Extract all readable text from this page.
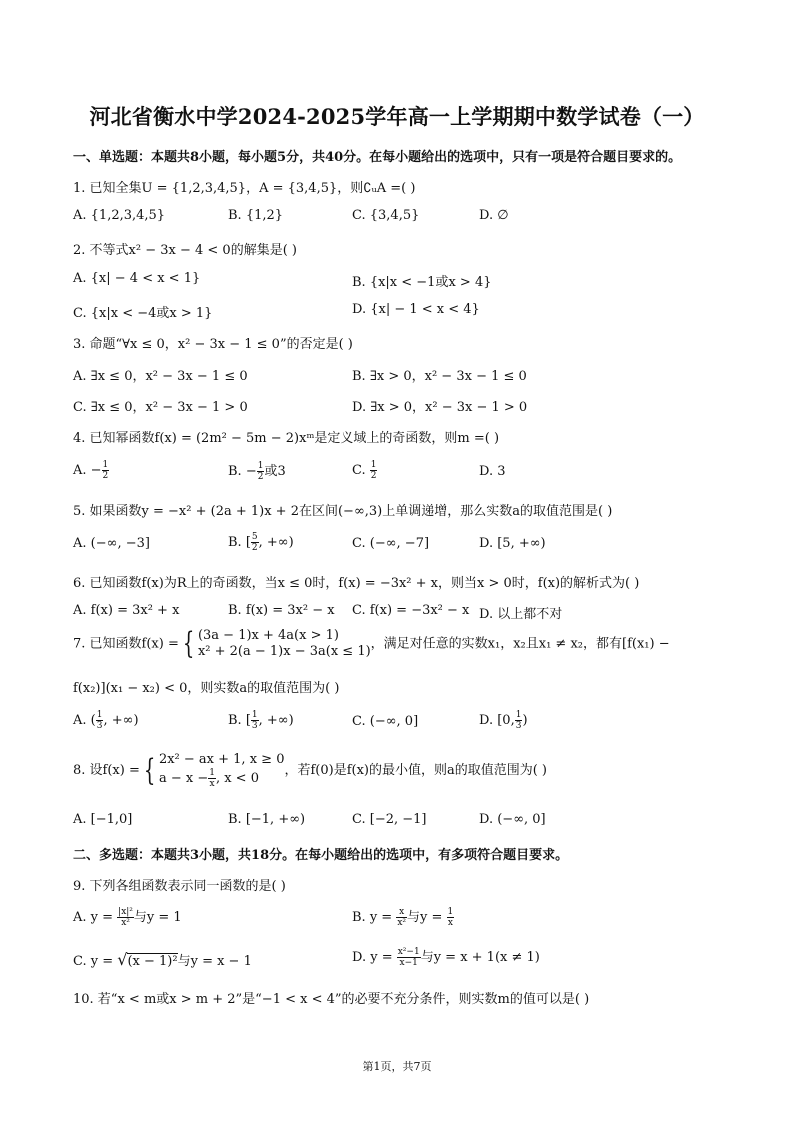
河北省衡水中学2024-2025学年高一上学期期中数学试卷（一）
一、单选题：本题共8小题，每小题5分，共40分。在每小题给出的选项中，只有一项是符合题目要求的。
1. 已知全集U = {1,2,3,4,5}，A = {3,4,5}，则∁ᵤA =( )
A. {1,2,3,4,5}	B. {1,2}	C. {3,4,5}	D. ∅
2. 不等式x² − 3x − 4 < 0的解集是( )
A. {x| − 4 < x < 1}	B. {x|x < −1或x > 4}
C. {x|x < −4或x > 1}	D. {x| − 1 < x < 4}
3. 命题“∀x ≤ 0，x² − 3x − 1 ≤ 0”的否定是( )
A. ∃x ≤ 0，x² − 3x − 1 ≤ 0	B. ∃x > 0，x² − 3x − 1 ≤ 0
C. ∃x ≤ 0，x² − 3x − 1 > 0	D. ∃x > 0，x² − 3x − 1 > 0
4. 已知幂函数f(x) = (2m² − 5m − 2)xᵐ是定义域上的奇函数，则m =( )
A. − $\frac{1}{2}$	B. − $\frac{1}{2}$ 或3	C. $\frac{1}{2}$	D. 3
5. 如果函数y = −x² + (2a + 1)x + 2在区间(−∞,3)上单调递增，那么实数a的取值范围是( )
A. (−∞, −3]	B. [ $\frac{5}{2}$ , +∞)	C. (−∞, −7]	D. [5, +∞)
6. 已知函数f(x)为R上的奇函数，当x ≤ 0时，f(x) = −3x² + x，则当x > 0时，f(x)的解析式为( )
A. f(x) = 3x² + x	B. f(x) = 3x² − x C. f(x) = −3x² − x D. 以上都不对
7. 已知函数f(x) = { (3a − 1)x + 4a(x > 1)
x² + 2(a − 1)x − 3a(x ≤ 1) ，满足对任意的实数x₁，x₂且x₁ ≠ x₂，都有[f(x₁) −
f(x₂)](x₁ − x₂) < 0，则实数a的取值范围为( )
A. ( $\frac{1}{3}$ , +∞)	B. [ $\frac{1}{3}$ , +∞)	C. (−∞, 0]	D. [0, $\frac{1}{3}$ )
8. 设f(x) = { 2x² − ax + 1, x ≥ 0
$a - x - \frac{1}{x}$ , x < 0
，若f(0)是f(x)的最小值，则a的取值范围为( )
A. [−1,0]	B. [−1, +∞)	C. [−2, −1]	D. (−∞, 0]
二、多选题：本题共3小题，共18分。在每小题给出的选项中，有多项符合题目要求。
9. 下列各组函数表示同一函数的是( )
A. $y = \frac{\text{|x|²}}{\text{x²}}$ 与y = 1	B. $y = \frac{x}{\text{x²}}$ 与$y = \frac{1}{x}$
C. y = √(x − 1)²与y = x − 1	D. $y = \frac{\text{x²−1}}{x-1}$ 与y = x + 1(x ≠ 1)
10. 若“x < m或x > m + 2”是“−1 < x < 4”的必要不充分条件，则实数m的值可以是( )
第1页，共7页
